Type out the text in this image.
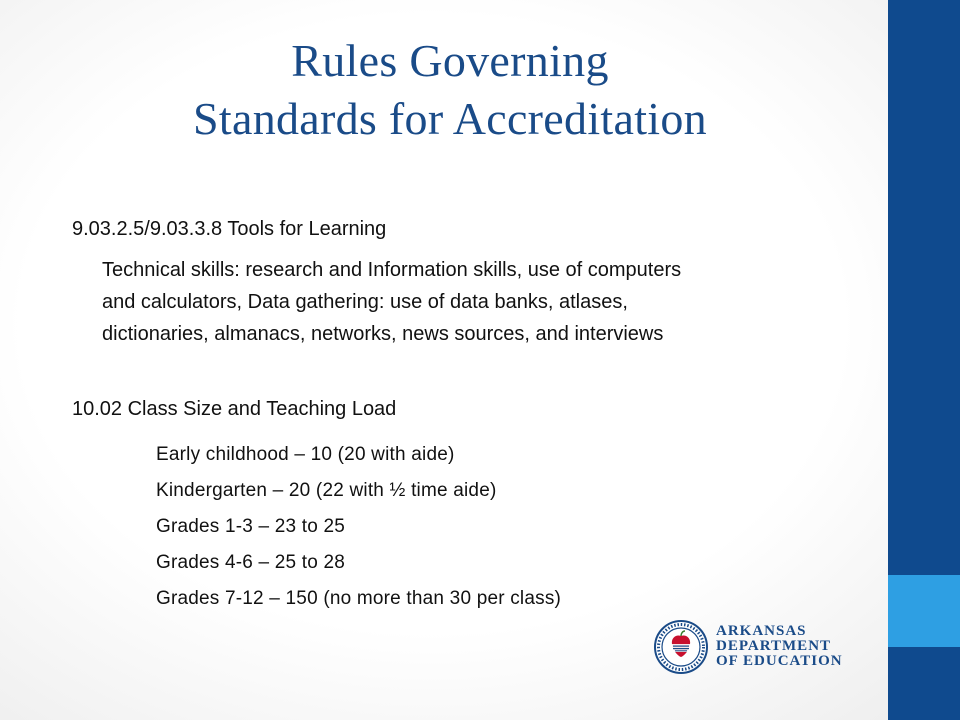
Rules Governing
Standards for Accreditation
9.03.2.5/9.03.3.8 Tools for Learning
Technical skills: research and Information skills, use of computers
and calculators, Data gathering: use of data banks, atlases,
dictionaries, almanacs, networks, news sources, and interviews
10.02 Class Size and Teaching Load
Early childhood – 10 (20 with aide)
Kindergarten – 20 (22 with ½ time aide)
Grades 1-3 – 23 to 25
Grades 4-6 – 25 to 28
Grades 7-12 – 150 (no more than 30 per class)
ARKANSAS
DEPARTMENT
OF EDUCATION
